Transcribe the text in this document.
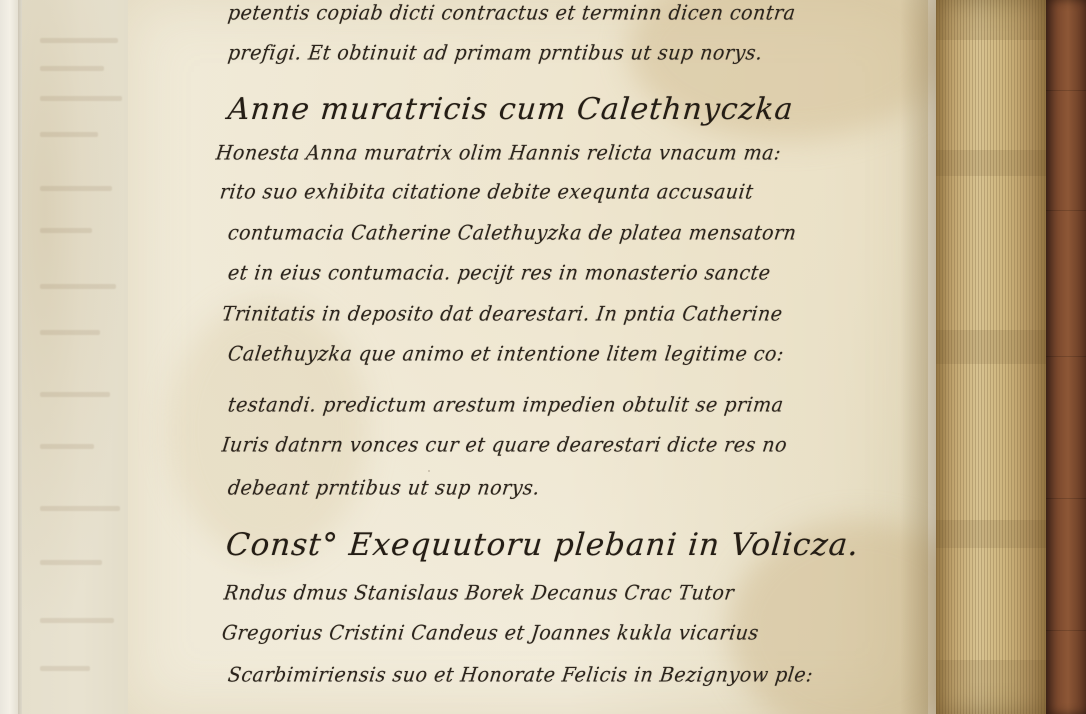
petentis copiab dicti contractus et terminn dicen contra
prefigi. Et obtinuit ad primam prntibus ut sup norys.
Anne muratricis cum Calethnyczka
Honesta Anna muratrix olim Hannis relicta vnacum ma:
rito suo exhibita citatione debite exequnta accusauit
contumacia Catherine Calethuyzka de platea mensatorn
et in eius contumacia. pecijt res in monasterio sancte
Trinitatis in deposito dat dearestari. In pntia Catherine
Calethuyzka que animo et intentione litem legitime co:
testandi. predictum arestum impedien obtulit se prima
Iuris datnrn vonces cur et quare dearestari dicte res no
debeant prntibus ut sup norys.
Const° Exequutoru plebani in Volicza.
Rndus dmus Stanislaus Borek Decanus Crac Tutor
Gregorius Cristini Candeus et Joannes kukla vicarius
Scarbimiriensis suo et Honorate Felicis in Bezignyow ple:
